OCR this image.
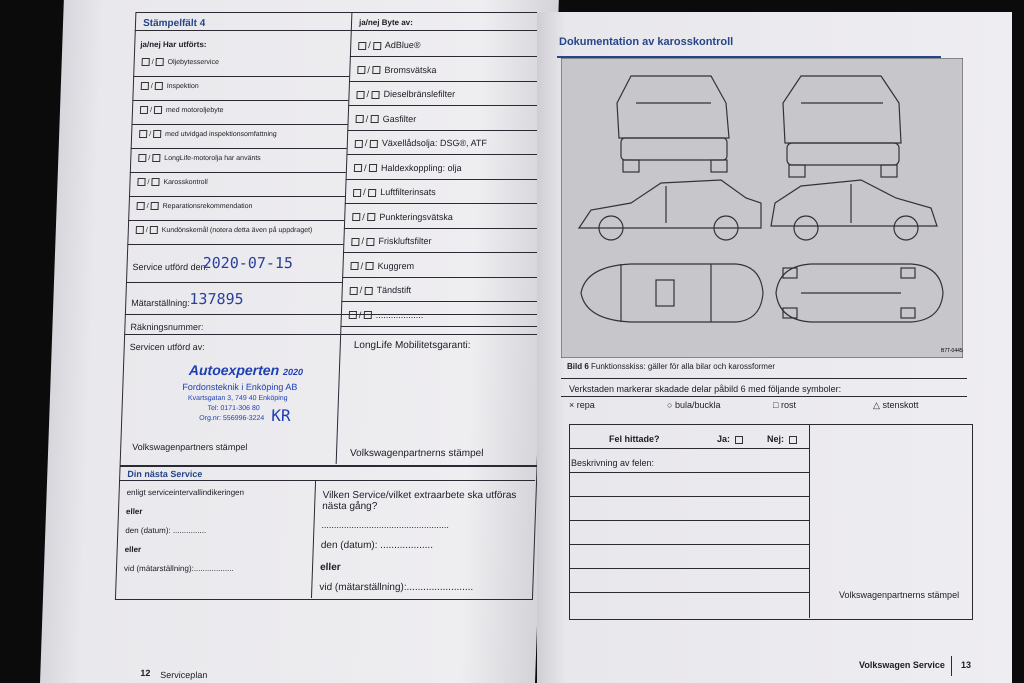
Stämpelfält 4	ja/nej Byte av:
ja/nej Har utförts:
/ Oljebytesservice
/ Inspektion
/ med motoroljebyte
/ med utvidgad inspektionsomfattning
/ LongLife-motorolja har använts
/ Karosskontroll
/ Reparationsrekommendation
/ Kundönskemål (notera detta även på uppdraget)
/ AdBlue®
/ Bromsvätska
/ Dieselbränslefilter
/ Gasfilter
/ Växellådsolja: DSG®, ATF
/ Haldexkoppling: olja
/ Luftfilterinsats
/ Punkteringsvätska
/ Friskluftsfilter
/ Kuggrem
/ Tändstift
Service utförd den:
2020-07-15
Mätarställning: 137895
Räkningsnummer:
Servicen utförd av:	LongLife Mobilitetsgaranti:
Autoexperten 2020
Fordonsteknik i Enköping AB
Kvartsgatan 3, 749 40 Enköping
Tel: 0171-306 80
Org.nr: 556996-3224 KR
Volkswagenpartners stämpel
Volkswagenpartnerns stämpel
Din nästa Service
enligt serviceintervallindikeringen
eller
den (datum): ...............
eller
vid (mätarställning):..................
Vilken Service/vilket extraarbete ska utföras nästa gång?
...................................................
den (datum): ...................
eller
vid (mätarställning):........................
12 Serviceplan
Dokumentation av karosskontroll
B7T-0445
Bild 6 Funktionsskiss: gäller för alla bilar och karossformer
Verkstaden markerar skadade delar påbild 6 med följande symboler:
× repa	○ bula/buckla	□ rost	△ stenskott
Fel hittade?	Ja:	Nej:
Beskrivning av felen:
Volkswagenpartnerns stämpel
Volkswagen Service 13
